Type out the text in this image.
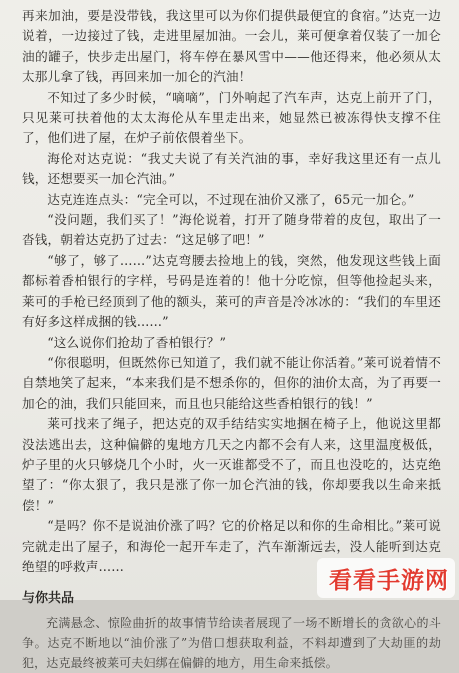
再来加油，要是没带钱，我这里可以为你们提供最便宜的食宿。”达克一边说着，一边接过了钱，走进里屋加油。一会儿，莱可便拿着仅装了一加仑油的罐子，快步走出屋门，将车停在暴风雪中——他还得来，他必须从太太那儿拿了钱，再回来加一加仑的汽油！

不知过了多少时候，“嘀嘀”，门外响起了汽车声，达克上前开了门，只见莱可扶着他的太太海伦从车里走出来，她显然已被冻得快支撑不住了，他们进了屋，在炉子前依偎着坐下。

海伦对达克说：“我丈夫说了有关汽油的事，幸好我这里还有一点儿钱，还想要买一加仑汽油。”

达克连连点头：“完全可以，不过现在油价又涨了，65元一加仑。”

“没问题，我们买了！”海伦说着，打开了随身带着的皮包，取出了一沓钱，朝着达克扔了过去：“这足够了吧！”

“够了，够了……”达克弯腰去捡地上的钱，突然，他发现这些钱上面都标着香柏银行的字样，号码是连着的！他十分吃惊，但等他捡起头来，莱可的手枪已经顶到了他的额头，莱可的声音是冷冰冰的：“我们的车里还有好多这样成捆的钱……”

“这么说你们抢劫了香柏银行？”

“你很聪明，但既然你已知道了，我们就不能让你活着。”莱可说着情不自禁地笑了起来，“本来我们是不想杀你的，但你的油价太高，为了再要一加仑的油，我们只能回来，而且也只能给这些香柏银行的钱！”

莱可找来了绳子，把达克的双手结结实实地捆在椅子上，他说这里都没法逃出去，这种偏僻的鬼地方几天之内都不会有人来，这里温度极低，炉子里的火只够烧几个小时，火一灭谁都受不了，而且也没吃的，达克绝望了：“你太狠了，我只是涨了你一加仑汽油的钱，你却要我以生命来抵偿！”

“是吗？你不是说油价涨了吗？它的价格足以和你的生命相比。”莱可说完就走出了屋子，和海伦一起开车走了，汽车渐渐远去，没人能听到达克绝望的呼救声……

与你共品

充满悬念、惊险曲折的故事情节给读者展现了一场不断增长的贪欲心的斗争。达克不断地以“油价涨了”为借口想获取利益，不料却遭到了大劫匪的劫犯，达克最终被莱可夫妇绑在偏僻的地方，用生命来抵偿。

看看手游网
